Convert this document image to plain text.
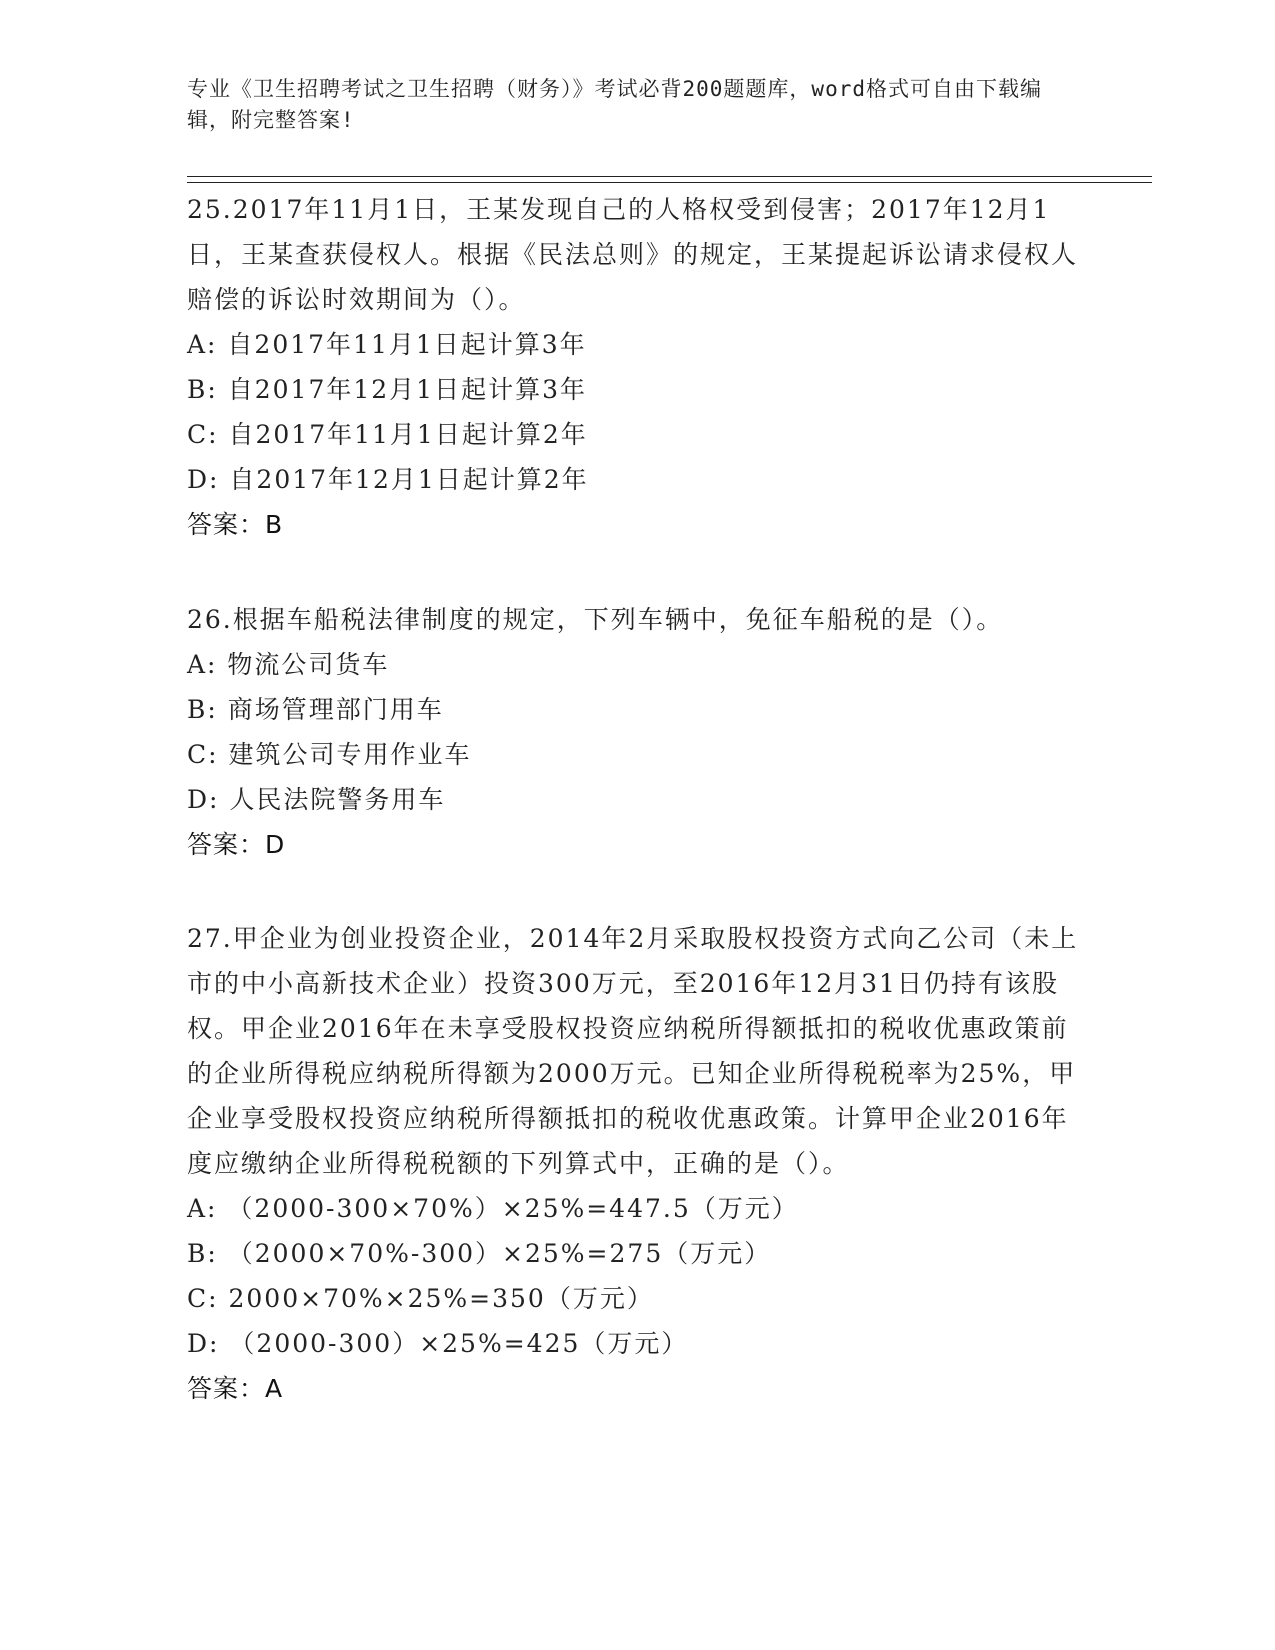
专业《卫生招聘考试之卫生招聘（财务）》考试必背200题题库，word格式可自由下载编辑，附完整答案!
25.2017年11月1日，王某发现自己的人格权受到侵害；2017年12月1日，王某查获侵权人。根据《民法总则》的规定，王某提起诉讼请求侵权人赔偿的诉讼时效期间为（）。
A: 自2017年11月1日起计算3年
B: 自2017年12月1日起计算3年
C: 自2017年11月1日起计算2年
D: 自2017年12月1日起计算2年
答案：B
26.根据车船税法律制度的规定，下列车辆中，免征车船税的是（）。
A: 物流公司货车
B: 商场管理部门用车
C: 建筑公司专用作业车
D: 人民法院警务用车
答案：D
27.甲企业为创业投资企业，2014年2月采取股权投资方式向乙公司（未上市的中小高新技术企业）投资300万元，至2016年12月31日仍持有该股权。甲企业2016年在未享受股权投资应纳税所得额抵扣的税收优惠政策前的企业所得税应纳税所得额为2000万元。已知企业所得税税率为25%，甲企业享受股权投资应纳税所得额抵扣的税收优惠政策。计算甲企业2016年度应缴纳企业所得税税额的下列算式中，正确的是（）。
A: （2000-300×70%）×25%=447.5（万元）
B: （2000×70%-300）×25%=275（万元）
C: 2000×70%×25%=350（万元）
D: （2000-300）×25%=425（万元）
答案：A
